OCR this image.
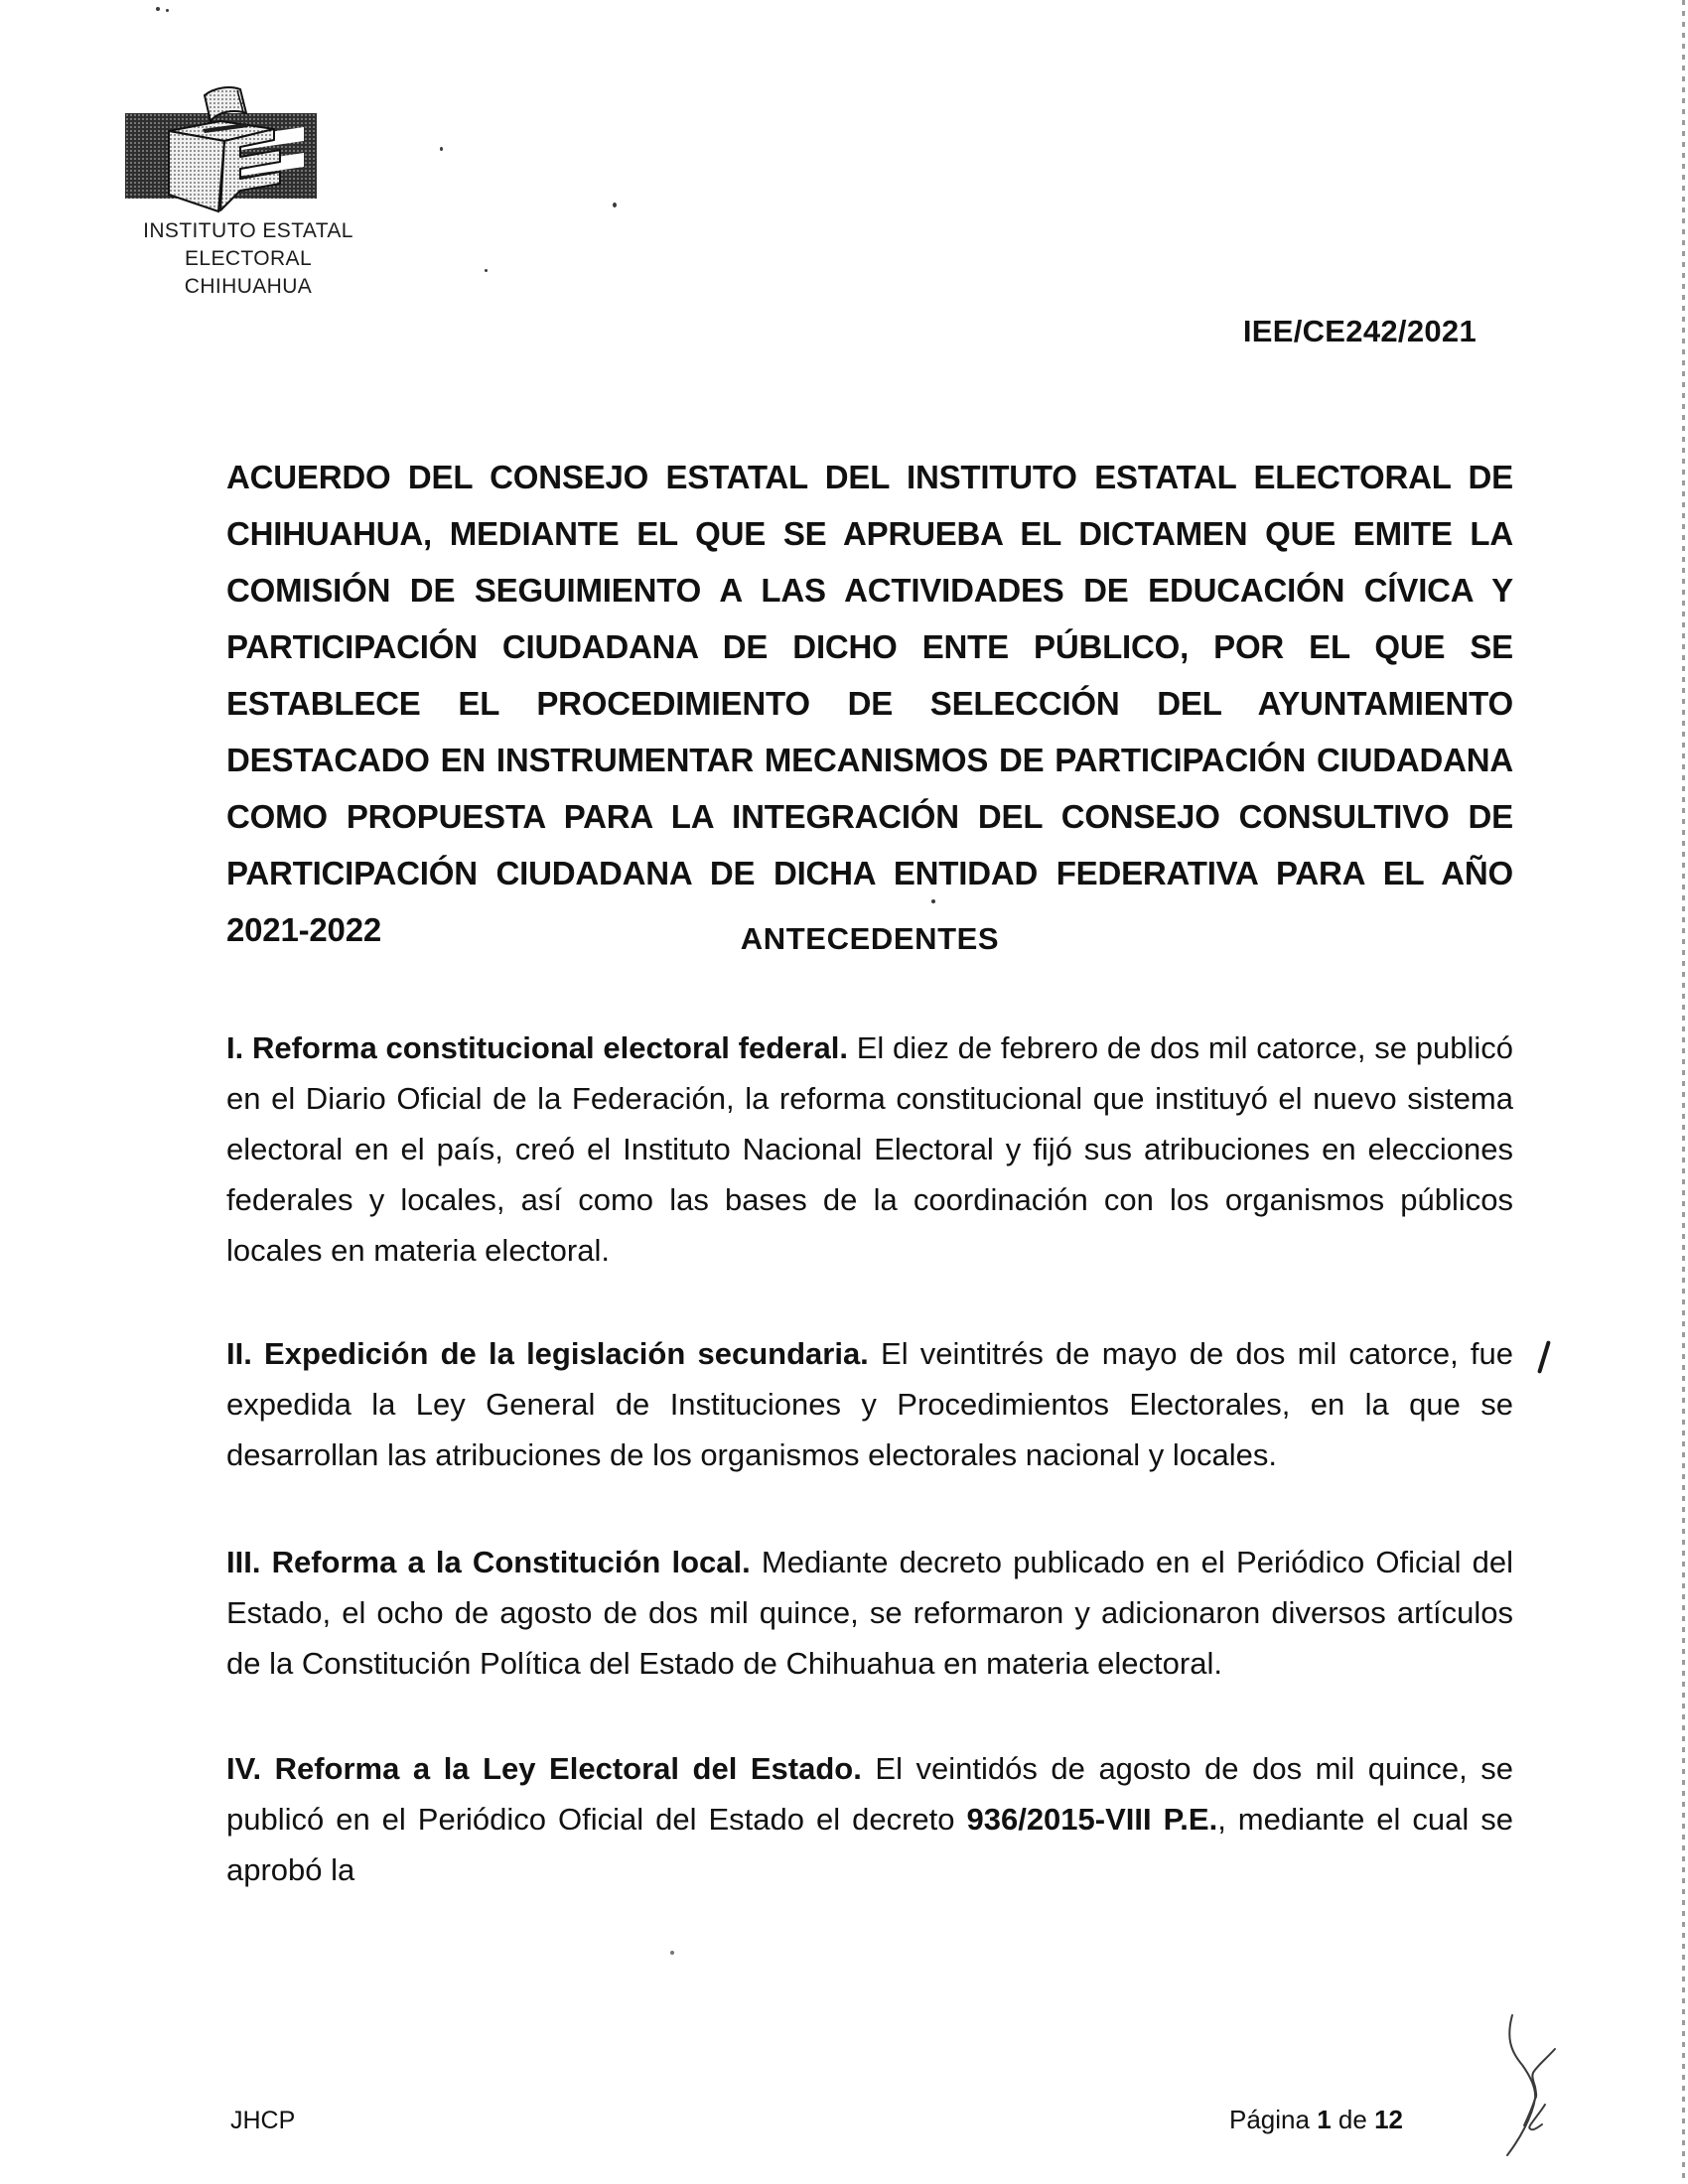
INSTITUTO ESTATAL ELECTORAL
CHIHUAHUA
IEE/CE242/2021
ACUERDO DEL CONSEJO ESTATAL DEL INSTITUTO ESTATAL ELECTORAL DE CHIHUAHUA, MEDIANTE EL QUE SE APRUEBA EL DICTAMEN QUE EMITE LA COMISIÓN DE SEGUIMIENTO A LAS ACTIVIDADES DE EDUCACIÓN CÍVICA Y PARTICIPACIÓN CIUDADANA DE DICHO ENTE PÚBLICO, POR EL QUE SE ESTABLECE EL PROCEDIMIENTO DE SELECCIÓN DEL AYUNTAMIENTO DESTACADO EN INSTRUMENTAR MECANISMOS DE PARTICIPACIÓN CIUDADANA COMO PROPUESTA PARA LA INTEGRACIÓN DEL CONSEJO CONSULTIVO DE PARTICIPACIÓN CIUDADANA DE DICHA ENTIDAD FEDERATIVA PARA EL AÑO 2021-2022	ANTECEDENTES
I. Reforma constitucional electoral federal. El diez de febrero de dos mil catorce, se publicó en el Diario Oficial de la Federación, la reforma constitucional que instituyó el nuevo sistema electoral en el país, creó el Instituto Nacional Electoral y fijó sus atribuciones en elecciones federales y locales, así como las bases de la coordinación con los organismos públicos locales en materia electoral.
II. Expedición de la legislación secundaria. El veintitrés de mayo de dos mil catorce, fue expedida la Ley General de Instituciones y Procedimientos Electorales, en la que se desarrollan las atribuciones de los organismos electorales nacional y locales.
III. Reforma a la Constitución local. Mediante decreto publicado en el Periódico Oficial del Estado, el ocho de agosto de dos mil quince, se reformaron y adicionaron diversos artículos de la Constitución Política del Estado de Chihuahua en materia electoral.
IV. Reforma a la Ley Electoral del Estado. El veintidós de agosto de dos mil quince, se publicó en el Periódico Oficial del Estado el decreto 936/2015-VIII P.E., mediante el cual se aprobó la
JHCP	Página 1 de 12
